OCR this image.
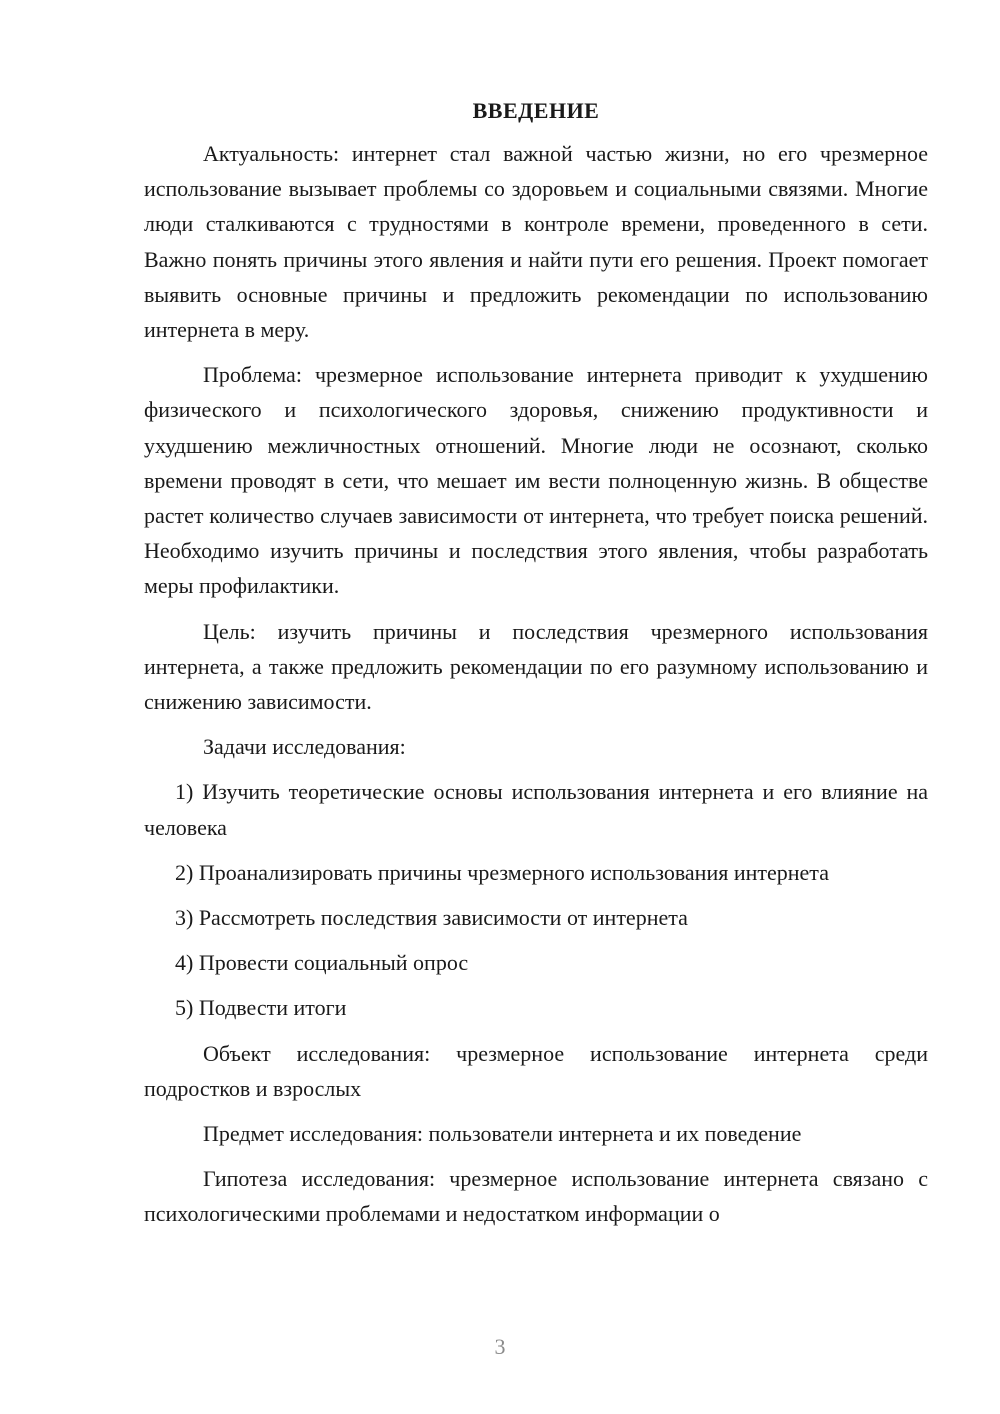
ВВЕДЕНИЕ

Актуальность: интернет стал важной частью жизни, но его чрезмерное использование вызывает проблемы со здоровьем и социальными связями. Многие люди сталкиваются с трудностями в контроле времени, проведенного в сети. Важно понять причины этого явления и найти пути его решения. Проект помогает выявить основные причины и предложить рекомендации по использованию интернета в меру.

Проблема: чрезмерное использование интернета приводит к ухудшению физического и психологического здоровья, снижению продуктивности и ухудшению межличностных отношений. Многие люди не осознают, сколько времени проводят в сети, что мешает им вести полноценную жизнь. В обществе растет количество случаев зависимости от интернета, что требует поиска решений. Необходимо изучить причины и последствия этого явления, чтобы разработать меры профилактики.

Цель: изучить причины и последствия чрезмерного использования интернета, а также предложить рекомендации по его разумному использованию и снижению зависимости.

Задачи исследования:

1) Изучить теоретические основы использования интернета и его влияние на человека

2) Проанализировать причины чрезмерного использования интернета

3) Рассмотреть последствия зависимости от интернета

4) Провести социальный опрос

5) Подвести итоги

Объект исследования: чрезмерное использование интернета среди подростков и взрослых

Предмет исследования: пользователи интернета и их поведение

Гипотеза исследования: чрезмерное использование интернета связано с психологическими проблемами и недостатком информации о

3
